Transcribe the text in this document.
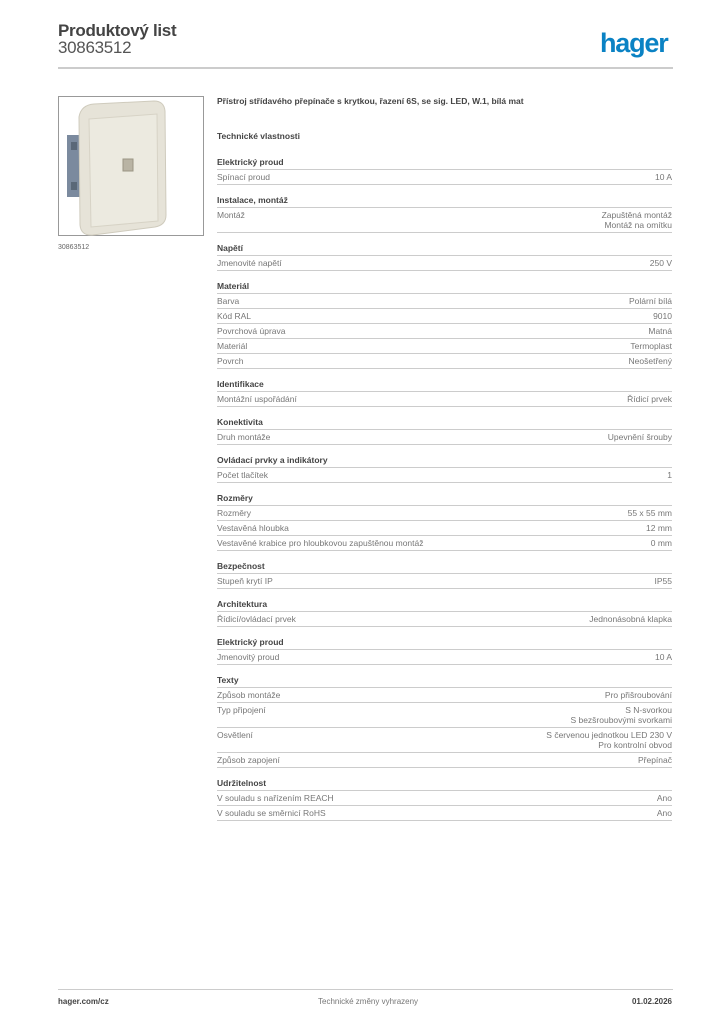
Produktový list
30863512	hager
30863512
Přístroj střídavého přepínače s krytkou, řazení 6S, se sig. LED, W.1, bílá mat
Technické vlastnosti
Elektrický proud
Spínací proud	10 A
Instalace, montáž
Montáž	Zapuštěná montáž
Montáž na omítku
Napětí
Jmenovité napětí	250 V
Materiál
Barva	Polární bílá
Kód RAL	9010
Povrchová úprava	Matná
Materiál	Termoplast
Povrch	Neošetřený
Identifikace
Montážní uspořádání	Řídicí prvek
Konektivita
Druh montáže	Upevnění šrouby
Ovládací prvky a indikátory
Počet tlačítek	1
Rozměry
Rozměry	55 x 55 mm
Vestavěná hloubka	12 mm
Vestavěné krabice pro hloubkovou zapuštěnou montáž	0 mm
Bezpečnost
Stupeň krytí IP	IP55
Architektura
Řídicí/ovládací prvek	Jednonásobná klapka
Elektrický proud
Jmenovitý proud	10 A
Texty
Způsob montáže	Pro přišroubování
Typ připojení	S N-svorkou
S bezšroubovými svorkami
Osvětlení	S červenou jednotkou LED 230 V
Pro kontrolní obvod
Způsob zapojení	Přepínač
Udržitelnost
V souladu s nařízením REACH	Ano
V souladu se směrnicí RoHS	Ano
hager.com/cz	Technické změny vyhrazeny	01.02.2026
